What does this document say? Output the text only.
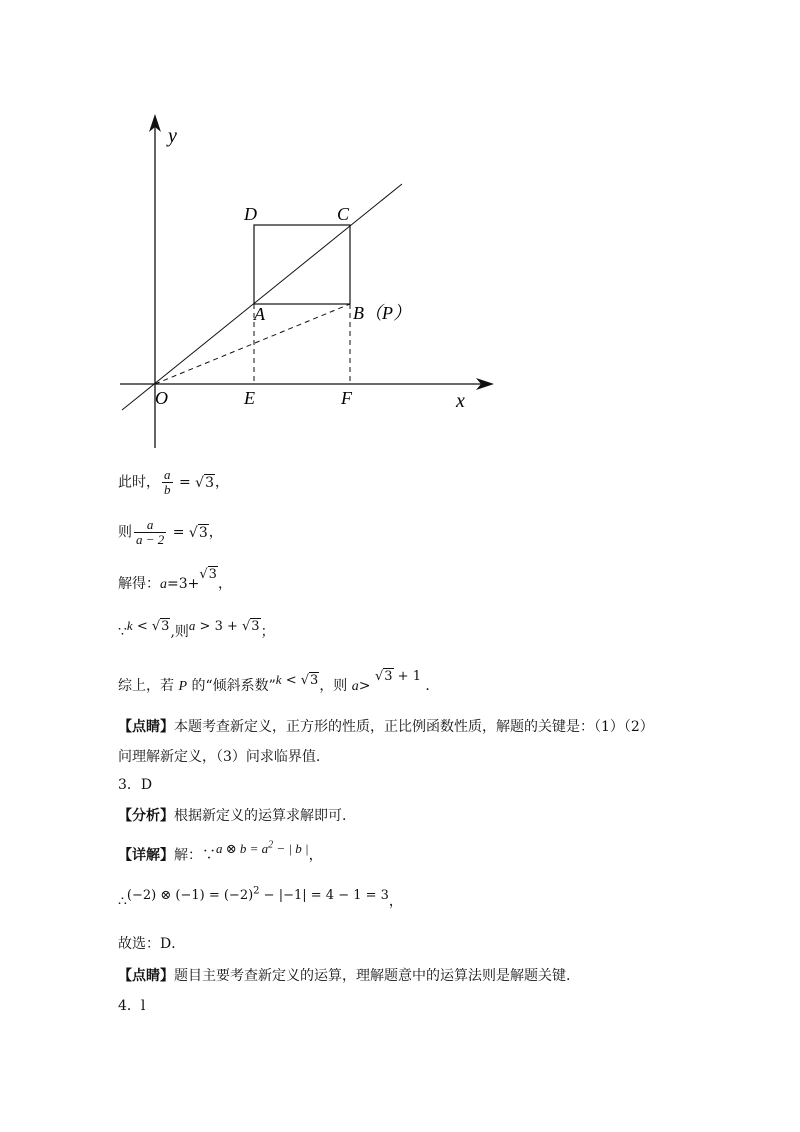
y
x
O	E	F
A
D	C
B（P）
此时， $\frac{a}{b} = √3$，
则 $\frac{a}{a - 2} = √3$，
解得：a=3+√3，
∵k < √3,则a > 3 + √3；
综上，若 P 的“倾斜系数”k < √3，则 a> √3 + 1 ．
【点睛】本题考查新定义，正方形的性质，正比例函数性质，解题的关键是：（1）（2）
问理解新定义，（3）问求临界值.
3．D
【分析】根据新定义的运算求解即可.
【详解】解：∵a ⊗ $b = a^2$ − | b |，
∴(−2) ⊗ $(-1) = (-2)^2 - |-1| = 4 - 1 = 3$，
故选：D．
【点睛】题目主要考查新定义的运算，理解题意中的运算法则是解题关键.
4．l
